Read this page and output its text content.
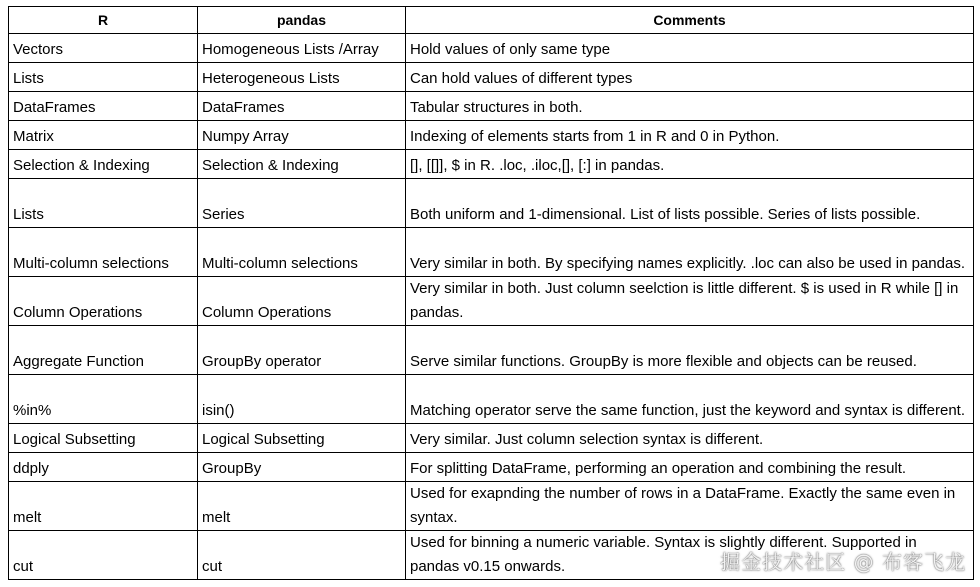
R	pandas	Comments
Vectors	Homogeneous Lists /Array	Hold values of only same type
Lists	Heterogeneous Lists	Can hold values of different types
DataFrames	DataFrames	Tabular structures in both.
Matrix	Numpy Array	Indexing of elements starts from 1 in R and 0 in Python.
Selection & Indexing	Selection & Indexing	[], [[]], $ in R. .loc, .iloc,[], [:] in pandas.
Lists	Series	Both uniform and 1-dimensional. List of lists possible. Series of lists possible.
Multi-column selections	Multi-column selections	Very similar in both. By specifying names explicitly. .loc can also be used in pandas.
Column Operations	Column Operations	Very similar in both. Just column seelction is little different. $ is used in R while [] in pandas.
Aggregate Function	GroupBy operator	Serve similar functions. GroupBy is more flexible and objects can be reused.
%in%	isin()	Matching operator serve the same function, just the keyword and syntax is different.
Logical Subsetting	Logical Subsetting	Very similar. Just column selection syntax is different.
ddply	GroupBy	For splitting DataFrame, performing an operation and combining the result.
melt	melt	Used for exapnding the number of rows in a DataFrame. Exactly the same even in syntax.
cut	cut	Used for binning a numeric variable. Syntax is slightly different. Supported in pandas v0.15 onwards.	掘金技术社区 @ 布客飞龙
